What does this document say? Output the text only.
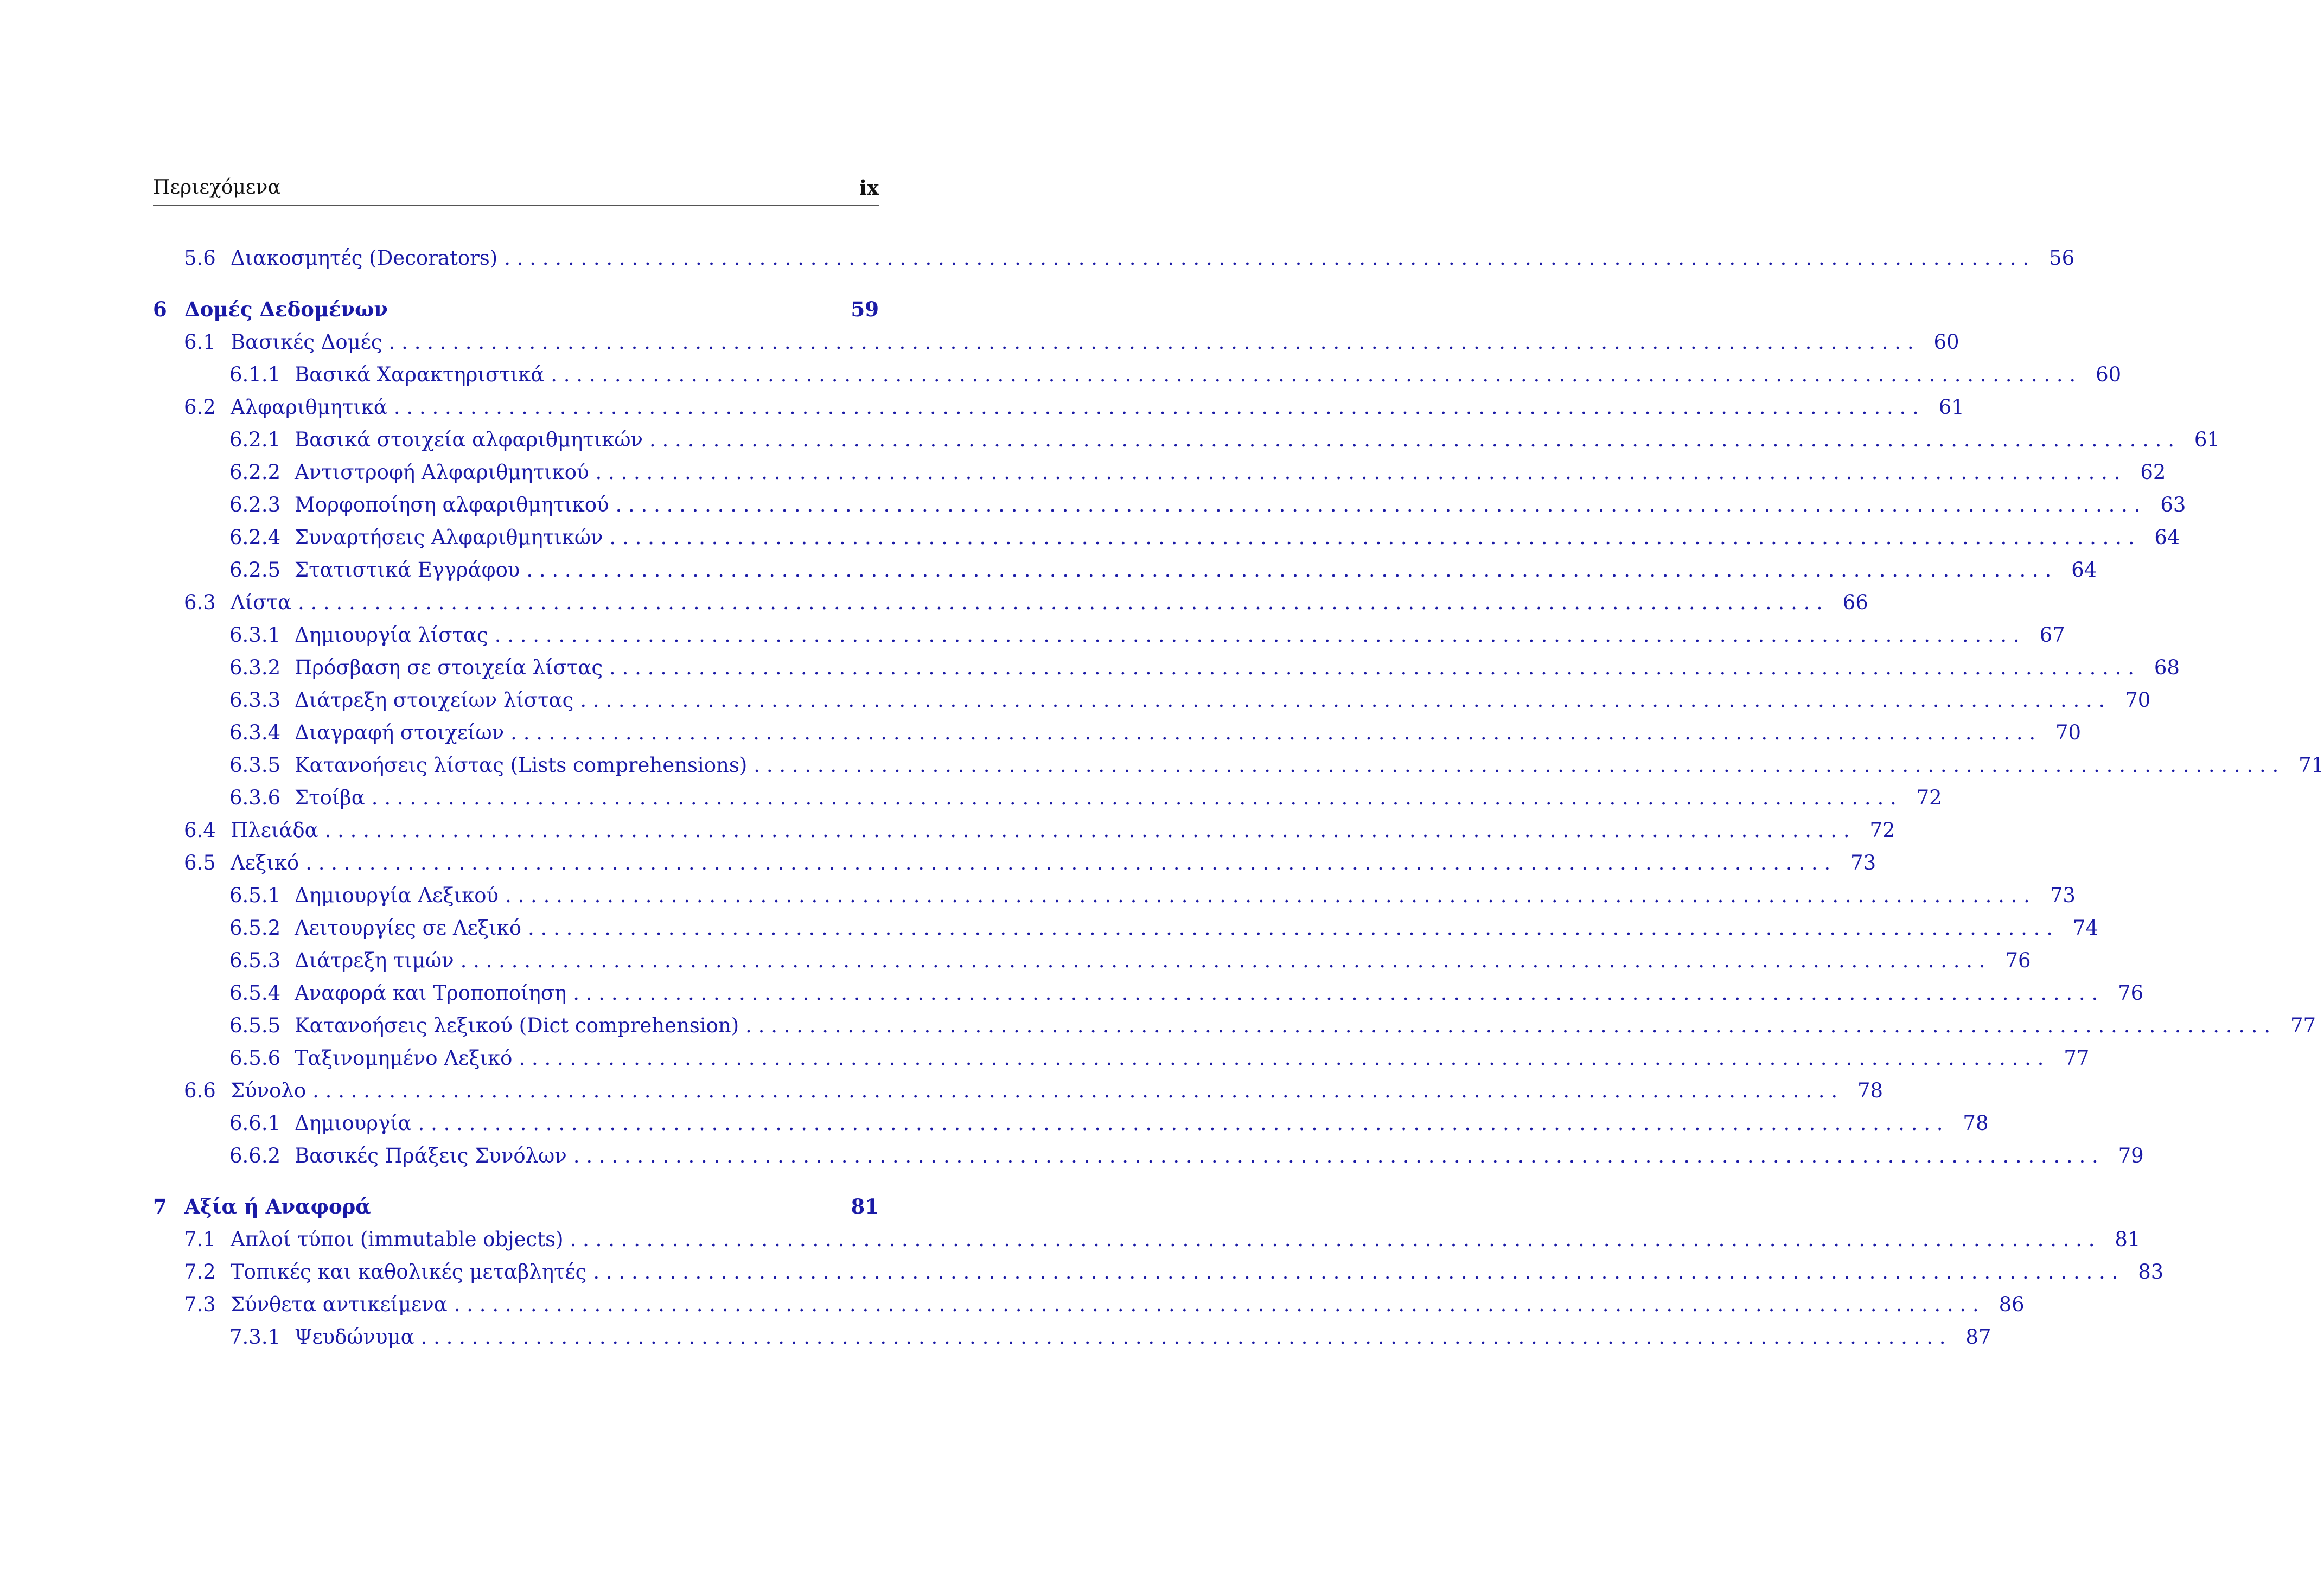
Περιεχόμενα	ix
5.6 Διακοσμητές (Decorators) . . . . . . . . . . . . . . . . . . . . . . . . . . . . . . . . . . . . . . . . . . . . . . . . . . . . . . . . . . . . . . . . . . . . . . . . . . . . . . . . . . . . . . . . . . . . . . . . . . . . . . . . . . . . . . . . . . . . . . . . 56
6 Δομές Δεδομένων	59
6.1 Βασικές Δομές . . . . . . . . . . . . . . . . . . . . . . . . . . . . . . . . . . . . . . . . . . . . . . . . . . . . . . . . . . . . . . . . . . . . . . . . . . . . . . . . . . . . . . . . . . . . . . . . . . . . . . . . . . . . . . . . . . . . . . . . 60
6.1.1 Βασικά Χαρακτηριστικά . . . . . . . . . . . . . . . . . . . . . . . . . . . . . . . . . . . . . . . . . . . . . . . . . . . . . . . . . . . . . . . . . . . . . . . . . . . . . . . . . . . . . . . . . . . . . . . . . . . . . . . . . . . . . . . . . . . . . . . . 60
6.2 Αλφαριθμητικά . . . . . . . . . . . . . . . . . . . . . . . . . . . . . . . . . . . . . . . . . . . . . . . . . . . . . . . . . . . . . . . . . . . . . . . . . . . . . . . . . . . . . . . . . . . . . . . . . . . . . . . . . . . . . . . . . . . . . . . . 61
6.2.1 Βασικά στοιχεία αλφαριθμητικών . . . . . . . . . . . . . . . . . . . . . . . . . . . . . . . . . . . . . . . . . . . . . . . . . . . . . . . . . . . . . . . . . . . . . . . . . . . . . . . . . . . . . . . . . . . . . . . . . . . . . . . . . . . . . . . . . . . . . . . . 61
6.2.2 Αντιστροφή Αλφαριθμητικού . . . . . . . . . . . . . . . . . . . . . . . . . . . . . . . . . . . . . . . . . . . . . . . . . . . . . . . . . . . . . . . . . . . . . . . . . . . . . . . . . . . . . . . . . . . . . . . . . . . . . . . . . . . . . . . . . . . . . . . . 62
6.2.3 Μορφοποίηση αλφαριθμητικού . . . . . . . . . . . . . . . . . . . . . . . . . . . . . . . . . . . . . . . . . . . . . . . . . . . . . . . . . . . . . . . . . . . . . . . . . . . . . . . . . . . . . . . . . . . . . . . . . . . . . . . . . . . . . . . . . . . . . . . . 63
6.2.4 Συναρτήσεις Αλφαριθμητικών . . . . . . . . . . . . . . . . . . . . . . . . . . . . . . . . . . . . . . . . . . . . . . . . . . . . . . . . . . . . . . . . . . . . . . . . . . . . . . . . . . . . . . . . . . . . . . . . . . . . . . . . . . . . . . . . . . . . . . . . 64
6.2.5 Στατιστικά Εγγράφου . . . . . . . . . . . . . . . . . . . . . . . . . . . . . . . . . . . . . . . . . . . . . . . . . . . . . . . . . . . . . . . . . . . . . . . . . . . . . . . . . . . . . . . . . . . . . . . . . . . . . . . . . . . . . . . . . . . . . . . . 64
6.3 Λίστα . . . . . . . . . . . . . . . . . . . . . . . . . . . . . . . . . . . . . . . . . . . . . . . . . . . . . . . . . . . . . . . . . . . . . . . . . . . . . . . . . . . . . . . . . . . . . . . . . . . . . . . . . . . . . . . . . . . . . . . . 66
6.3.1 Δημιουργία λίστας . . . . . . . . . . . . . . . . . . . . . . . . . . . . . . . . . . . . . . . . . . . . . . . . . . . . . . . . . . . . . . . . . . . . . . . . . . . . . . . . . . . . . . . . . . . . . . . . . . . . . . . . . . . . . . . . . . . . . . . . 67
6.3.2 Πρόσβαση σε στοιχεία λίστας . . . . . . . . . . . . . . . . . . . . . . . . . . . . . . . . . . . . . . . . . . . . . . . . . . . . . . . . . . . . . . . . . . . . . . . . . . . . . . . . . . . . . . . . . . . . . . . . . . . . . . . . . . . . . . . . . . . . . . . . 68
6.3.3 Διάτρεξη στοιχείων λίστας . . . . . . . . . . . . . . . . . . . . . . . . . . . . . . . . . . . . . . . . . . . . . . . . . . . . . . . . . . . . . . . . . . . . . . . . . . . . . . . . . . . . . . . . . . . . . . . . . . . . . . . . . . . . . . . . . . . . . . . . 70
6.3.4 Διαγραφή στοιχείων . . . . . . . . . . . . . . . . . . . . . . . . . . . . . . . . . . . . . . . . . . . . . . . . . . . . . . . . . . . . . . . . . . . . . . . . . . . . . . . . . . . . . . . . . . . . . . . . . . . . . . . . . . . . . . . . . . . . . . . . 70
6.3.5 Κατανοήσεις λίστας (Lists comprehensions) . . . . . . . . . . . . . . . . . . . . . . . . . . . . . . . . . . . . . . . . . . . . . . . . . . . . . . . . . . . . . . . . . . . . . . . . . . . . . . . . . . . . . . . . . . . . . . . . . . . . . . . . . . . . . . . . . . . . . . . . 71
6.3.6 Στοίβα . . . . . . . . . . . . . . . . . . . . . . . . . . . . . . . . . . . . . . . . . . . . . . . . . . . . . . . . . . . . . . . . . . . . . . . . . . . . . . . . . . . . . . . . . . . . . . . . . . . . . . . . . . . . . . . . . . . . . . . . 72
6.4 Πλειάδα . . . . . . . . . . . . . . . . . . . . . . . . . . . . . . . . . . . . . . . . . . . . . . . . . . . . . . . . . . . . . . . . . . . . . . . . . . . . . . . . . . . . . . . . . . . . . . . . . . . . . . . . . . . . . . . . . . . . . . . . 72
6.5 Λεξικό . . . . . . . . . . . . . . . . . . . . . . . . . . . . . . . . . . . . . . . . . . . . . . . . . . . . . . . . . . . . . . . . . . . . . . . . . . . . . . . . . . . . . . . . . . . . . . . . . . . . . . . . . . . . . . . . . . . . . . . . 73
6.5.1 Δημιουργία Λεξικού . . . . . . . . . . . . . . . . . . . . . . . . . . . . . . . . . . . . . . . . . . . . . . . . . . . . . . . . . . . . . . . . . . . . . . . . . . . . . . . . . . . . . . . . . . . . . . . . . . . . . . . . . . . . . . . . . . . . . . . . 73
6.5.2 Λειτουργίες σε Λεξικό . . . . . . . . . . . . . . . . . . . . . . . . . . . . . . . . . . . . . . . . . . . . . . . . . . . . . . . . . . . . . . . . . . . . . . . . . . . . . . . . . . . . . . . . . . . . . . . . . . . . . . . . . . . . . . . . . . . . . . . . 74
6.5.3 Διάτρεξη τιμών . . . . . . . . . . . . . . . . . . . . . . . . . . . . . . . . . . . . . . . . . . . . . . . . . . . . . . . . . . . . . . . . . . . . . . . . . . . . . . . . . . . . . . . . . . . . . . . . . . . . . . . . . . . . . . . . . . . . . . . . 76
6.5.4 Αναφορά και Τροποποίηση . . . . . . . . . . . . . . . . . . . . . . . . . . . . . . . . . . . . . . . . . . . . . . . . . . . . . . . . . . . . . . . . . . . . . . . . . . . . . . . . . . . . . . . . . . . . . . . . . . . . . . . . . . . . . . . . . . . . . . . . 76
6.5.5 Κατανοήσεις λεξικού (Dict comprehension) . . . . . . . . . . . . . . . . . . . . . . . . . . . . . . . . . . . . . . . . . . . . . . . . . . . . . . . . . . . . . . . . . . . . . . . . . . . . . . . . . . . . . . . . . . . . . . . . . . . . . . . . . . . . . . . . . . . . . . . . 77
6.5.6 Ταξινομημένο Λεξικό . . . . . . . . . . . . . . . . . . . . . . . . . . . . . . . . . . . . . . . . . . . . . . . . . . . . . . . . . . . . . . . . . . . . . . . . . . . . . . . . . . . . . . . . . . . . . . . . . . . . . . . . . . . . . . . . . . . . . . . . 77
6.6 Σύνολο . . . . . . . . . . . . . . . . . . . . . . . . . . . . . . . . . . . . . . . . . . . . . . . . . . . . . . . . . . . . . . . . . . . . . . . . . . . . . . . . . . . . . . . . . . . . . . . . . . . . . . . . . . . . . . . . . . . . . . . . 78
6.6.1 Δημιουργία . . . . . . . . . . . . . . . . . . . . . . . . . . . . . . . . . . . . . . . . . . . . . . . . . . . . . . . . . . . . . . . . . . . . . . . . . . . . . . . . . . . . . . . . . . . . . . . . . . . . . . . . . . . . . . . . . . . . . . . . 78
6.6.2 Βασικές Πράξεις Συνόλων . . . . . . . . . . . . . . . . . . . . . . . . . . . . . . . . . . . . . . . . . . . . . . . . . . . . . . . . . . . . . . . . . . . . . . . . . . . . . . . . . . . . . . . . . . . . . . . . . . . . . . . . . . . . . . . . . . . . . . . . 79
7 Αξία ή Αναφορά	81
7.1 Απλοί τύποι (immutable objects) . . . . . . . . . . . . . . . . . . . . . . . . . . . . . . . . . . . . . . . . . . . . . . . . . . . . . . . . . . . . . . . . . . . . . . . . . . . . . . . . . . . . . . . . . . . . . . . . . . . . . . . . . . . . . . . . . . . . . . . . 81
7.2 Τοπικές και καθολικές μεταβλητές . . . . . . . . . . . . . . . . . . . . . . . . . . . . . . . . . . . . . . . . . . . . . . . . . . . . . . . . . . . . . . . . . . . . . . . . . . . . . . . . . . . . . . . . . . . . . . . . . . . . . . . . . . . . . . . . . . . . . . . . 83
7.3 Σύνθετα αντικείμενα . . . . . . . . . . . . . . . . . . . . . . . . . . . . . . . . . . . . . . . . . . . . . . . . . . . . . . . . . . . . . . . . . . . . . . . . . . . . . . . . . . . . . . . . . . . . . . . . . . . . . . . . . . . . . . . . . . . . . . . . 86
7.3.1 Ψευδώνυμα . . . . . . . . . . . . . . . . . . . . . . . . . . . . . . . . . . . . . . . . . . . . . . . . . . . . . . . . . . . . . . . . . . . . . . . . . . . . . . . . . . . . . . . . . . . . . . . . . . . . . . . . . . . . . . . . . . . . . . . . 87
